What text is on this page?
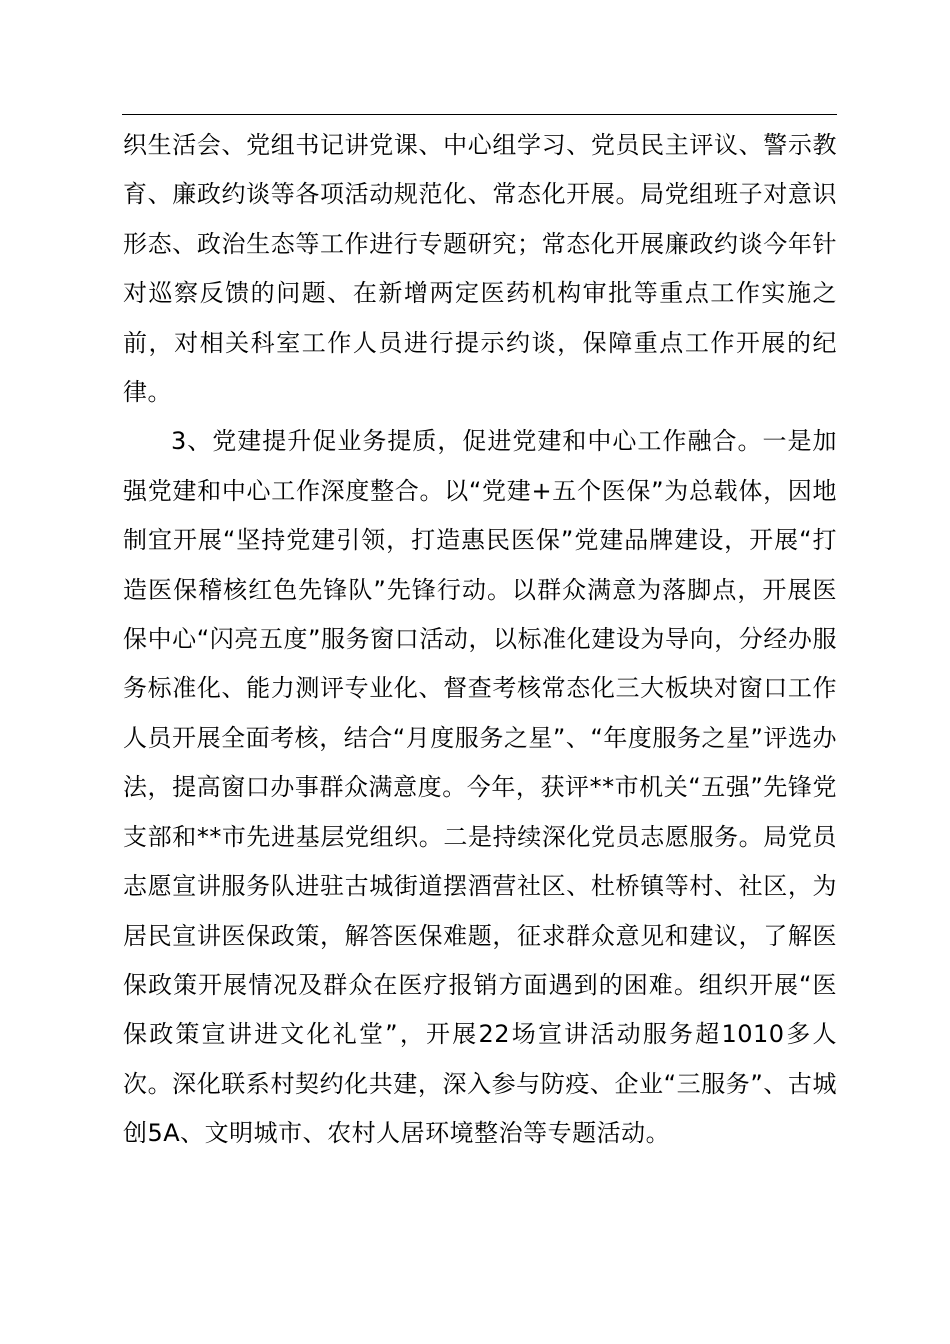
织生活会、党组书记讲党课、中心组学习、党员民主评议、警示教育、廉政约谈等各项活动规范化、常态化开展。局党组班子对意识形态、政治生态等工作进行专题研究；常态化开展廉政约谈今年针对巡察反馈的问题、在新增两定医药机构审批等重点工作实施之前，对相关科室工作人员进行提示约谈，保障重点工作开展的纪律。

3、党建提升促业务提质，促进党建和中心工作融合。一是加强党建和中心工作深度整合。以“党建+五个医保”为总载体，因地制宜开展“坚持党建引领，打造惠民医保”党建品牌建设，开展“打造医保稽核红色先锋队”先锋行动。以群众满意为落脚点，开展医保中心“闪亮五度”服务窗口活动，以标准化建设为导向，分经办服务标准化、能力测评专业化、督查考核常态化三大板块对窗口工作人员开展全面考核，结合“月度服务之星”、“年度服务之星”评选办法，提高窗口办事群众满意度。今年，获评**市机关“五强”先锋党支部和**市先进基层党组织。二是持续深化党员志愿服务。局党员志愿宣讲服务队进驻古城街道摆酒营社区、杜桥镇等村、社区，为居民宣讲医保政策，解答医保难题，征求群众意见和建议，了解医保政策开展情况及群众在医疗报销方面遇到的困难。组织开展“医保政策宣讲进文化礼堂”，开展22场宣讲活动服务超1010多人次。深化联系村契约化共建，深入参与防疫、企业“三服务”、古城创5A、文明城市、农村人居环境整治等专题活动。
